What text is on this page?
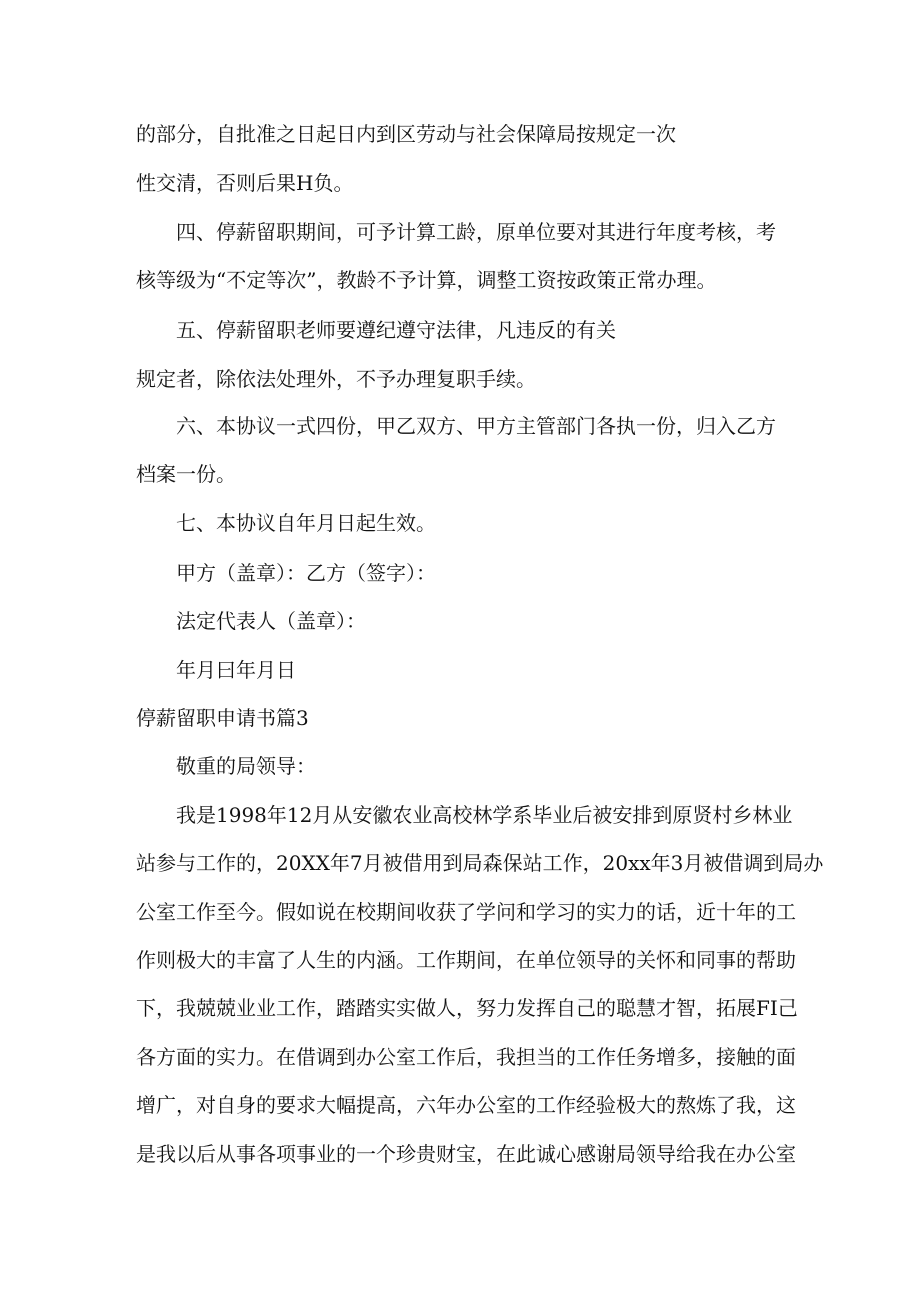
的部分，自批准之日起日内到区劳动与社会保障局按规定一次
性交清，否则后果H负。
四、停薪留职期间，可予计算工龄，原单位要对其进行年度考核，考
核等级为“不定等次”，教龄不予计算，调整工资按政策正常办理。
五、停薪留职老师要遵纪遵守法律，凡违反的有关
规定者，除依法处理外，不予办理复职手续。
六、本协议一式四份，甲乙双方、甲方主管部门各执一份，归入乙方
档案一份。
七、本协议自年月日起生效。
甲方（盖章）：乙方（签字）：
法定代表人（盖章）：
年月曰年月日
停薪留职申请书篇3
敬重的局领导：
我是1998年12月从安徽农业高校林学系毕业后被安排到原贤村乡林业
站参与工作的，20XX年7月被借用到局森保站工作，20xx年3月被借调到局办
公室工作至今。假如说在校期间收获了学问和学习的实力的话，近十年的工
作则极大的丰富了人生的内涵。工作期间，在单位领导的关怀和同事的帮助
下，我兢兢业业工作，踏踏实实做人，努力发挥自己的聪慧才智，拓展FI己
各方面的实力。在借调到办公室工作后，我担当的工作任务增多，接触的面
增广，对自身的要求大幅提高，六年办公室的工作经验极大的熬炼了我，这
是我以后从事各项事业的一个珍贵财宝，在此诚心感谢局领导给我在办公室
